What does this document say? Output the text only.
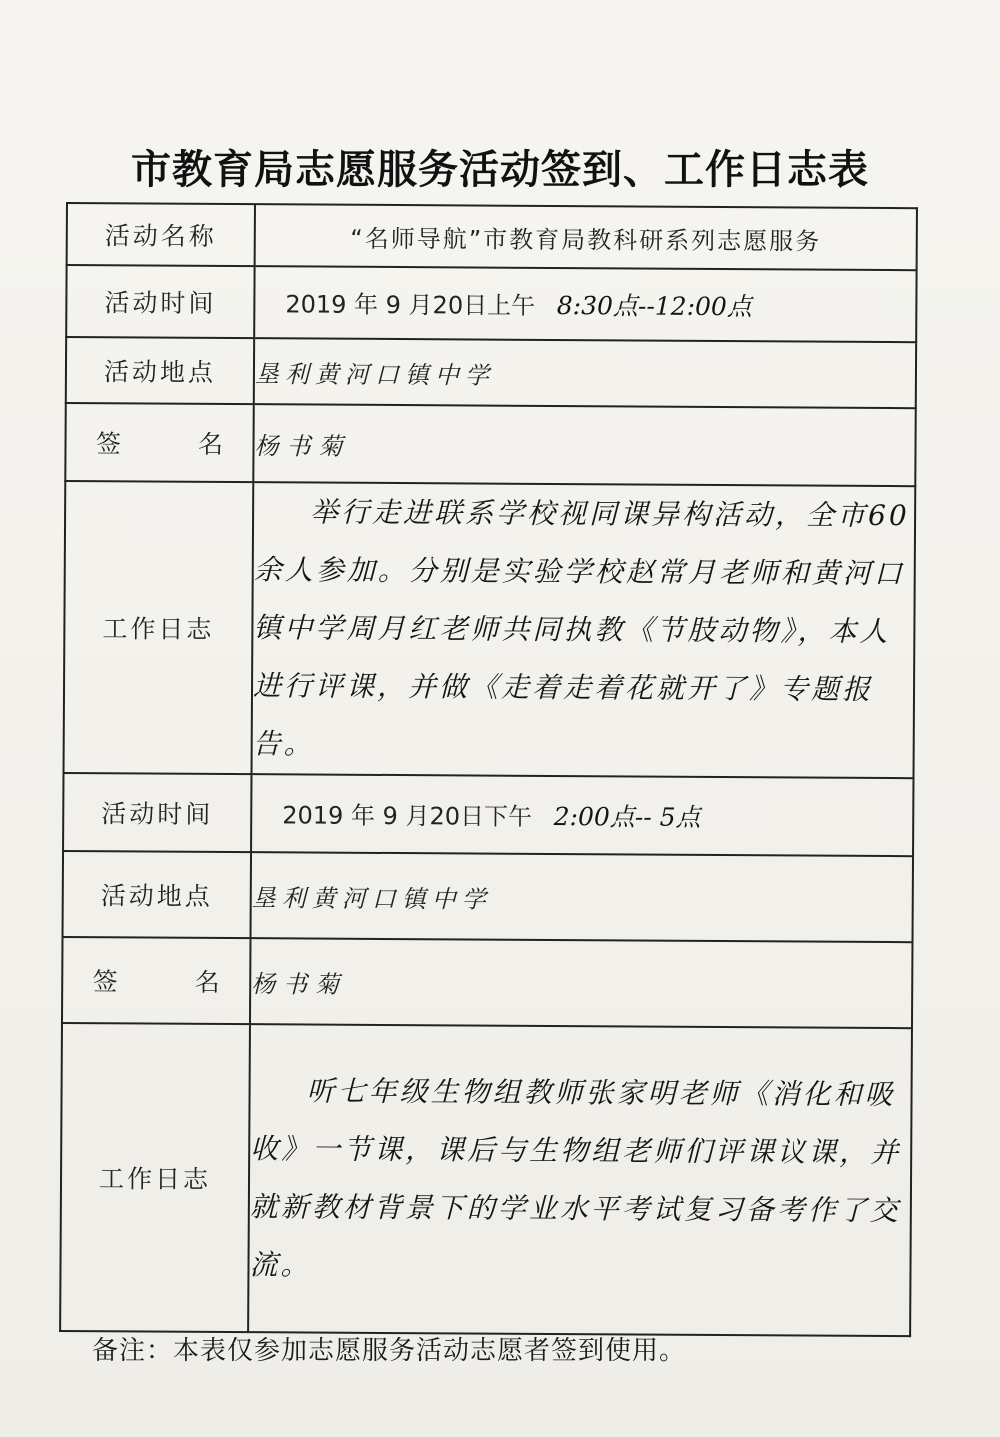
市教育局志愿服务活动签到、工作日志表
活动名称	“名师导航”市教育局教科研系列志愿服务
活动时间	2019 年 9 月20日上午 8:30点--12:00点
活动地点	垦利黄河口镇中学
签　名	杨书菊
工作日志	举行走进联系学校视同课异构活动，全市60余人参加。分别是实验学校赵常月老师和黄河口镇中学周月红老师共同执教《节肢动物》，本人进行评课，并做《走着走着花就开了》专题报告。
活动时间	2019 年 9 月20日下午 2:00点-- 5点
活动地点	垦利黄河口镇中学
签　名	杨书菊
工作日志	听七年级生物组教师张家明老师《消化和吸收》一节课，课后与生物组老师们评课议课，并就新教材背景下的学业水平考试复习备考作了交流。
备注：本表仅参加志愿服务活动志愿者签到使用。
